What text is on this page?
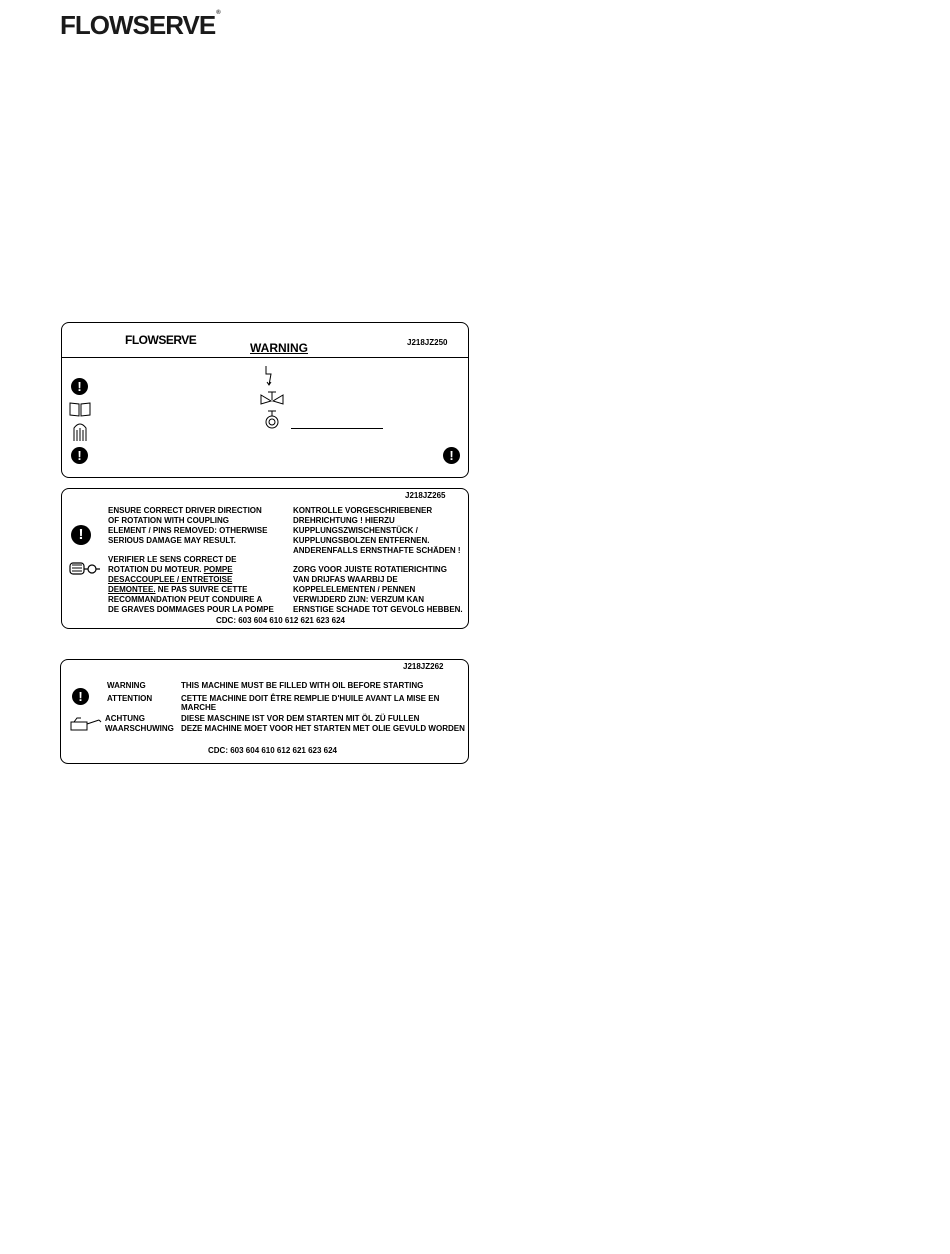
FLOWSERVE®
FLOWSERVE
WARNING	J218JZ250
!
!	!
J218JZ265
!
ENSURE CORRECT DRIVER DIRECTION
OF ROTATION WITH COUPLING
ELEMENT / PINS REMOVED: OTHERWISE
SERIOUS DAMAGE MAY RESULT.
KONTROLLE VORGESCHRIEBENER
DREHRICHTUNG ! HIERZU
KUPPLUNGSZWISCHENSTÜCK /
KUPPLUNGSBOLZEN ENTFERNEN.
ANDERENFALLS ERNSTHAFTE SCHÄDEN !
VERIFIER LE SENS CORRECT DE
ROTATION DU MOTEUR. POMPE
DESACCOUPLEE / ENTRETOISE
DEMONTEE. NE PAS SUIVRE CETTE
RECOMMANDATION PEUT CONDUIRE A
DE GRAVES DOMMAGES POUR LA POMPE
ZORG VOOR JUISTE ROTATIERICHTING
VAN DRIJFAS WAARBIJ DE
KOPPELELEMENTEN / PENNEN
VERWIJDERD ZIJN: VERZUM KAN
ERNSTIGE SCHADE TOT GEVOLG HEBBEN.
CDC: 603 604 610 612 621 623 624
J218JZ262
!
WARNING	THIS MACHINE MUST BE FILLED WITH OIL BEFORE STARTING
ATTENTION	CETTE MACHINE DOIT ÊTRE REMPLIE D'HUILE AVANT LA MISE EN
MARCHE
ACHTUNG	DIESE MASCHINE IST VOR DEM STARTEN MIT ÖL ZÜ FULLEN
WAARSCHUWING DEZE MACHINE MOET VOOR HET STARTEN MET OLIE GEVULD WORDEN
CDC: 603 604 610 612 621 623 624
